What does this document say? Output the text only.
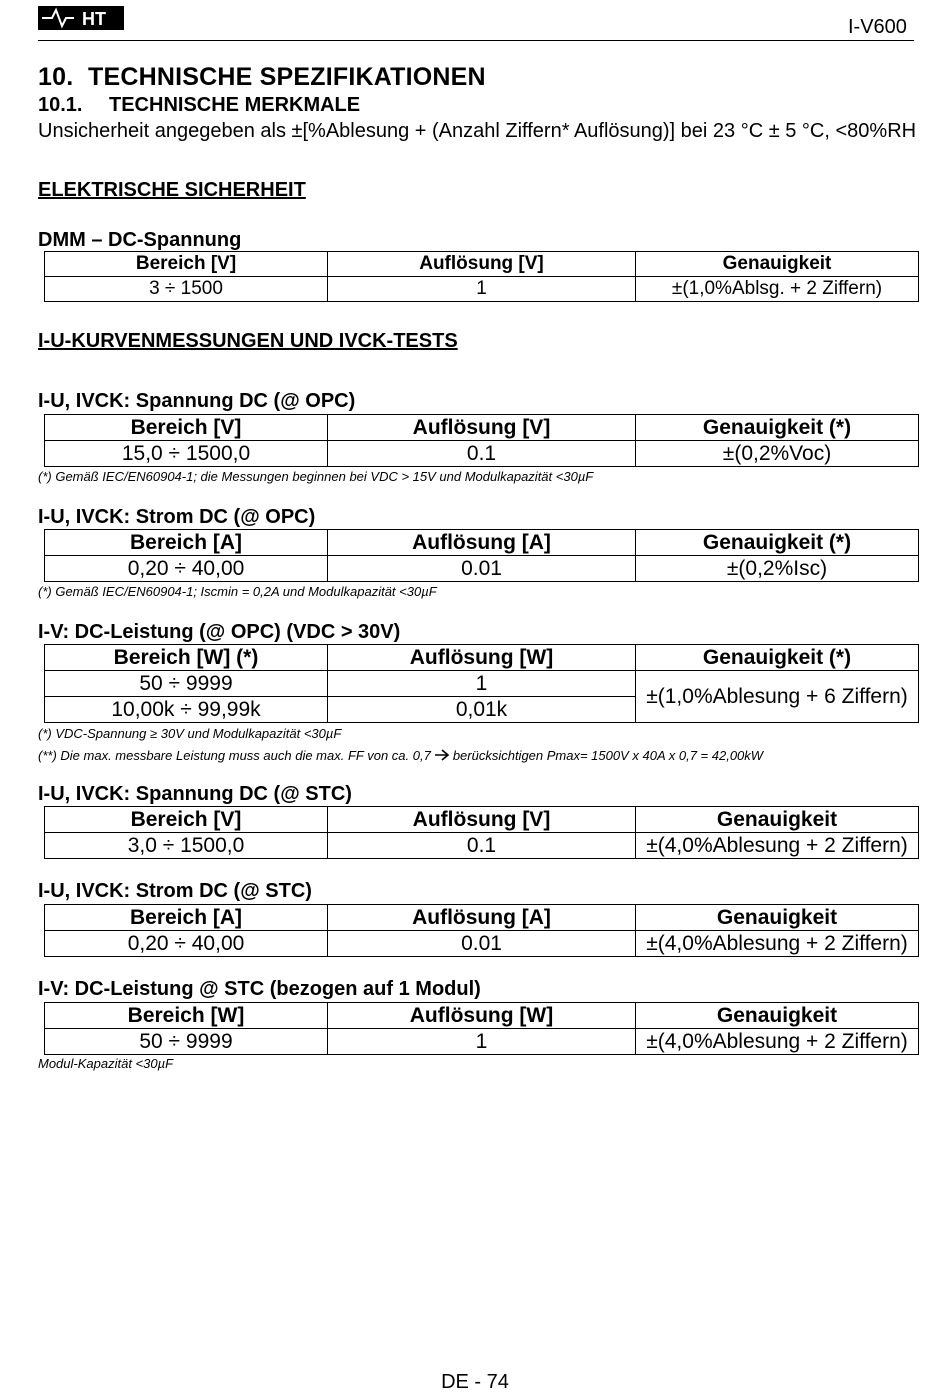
HT	I-V600
10. TECHNISCHE SPEZIFIKATIONEN
10.1. TECHNISCHE MERKMALE
Unsicherheit angegeben als ±[%Ablesung + (Anzahl Ziffern* Auflösung)] bei 23 °C ± 5 °C, <80%RH
ELEKTRISCHE SICHERHEIT
DMM – DC-Spannung
Bereich [V]	Auflösung [V]	Genauigkeit
3 ÷ 1500	1	±(1,0%Ablsg. + 2 Ziffern)
I-U-KURVENMESSUNGEN UND IVCK-TESTS
I-U, IVCK: Spannung DC (@ OPC)
Bereich [V]	Auflösung [V]	Genauigkeit (*)
15,0 ÷ 1500,0	0.1	±(0,2%Voc)
(*) Gemäß IEC/EN60904-1; die Messungen beginnen bei VDC > 15V und Modulkapazität <30µF
I-U, IVCK: Strom DC (@ OPC)
Bereich [A]	Auflösung [A]	Genauigkeit (*)
0,20 ÷ 40,00	0.01	±(0,2%Isc)
(*) Gemäß IEC/EN60904-1; Iscmin = 0,2A und Modulkapazität <30µF
I-V: DC-Leistung (@ OPC) (VDC > 30V)
Bereich [W] (*)	Auflösung [W]	Genauigkeit (*)
50 ÷ 9999	1	±(1,0%Ablesung + 6 Ziffern)
10,00k ÷ 99,99k	0,01k	
(*) VDC-Spannung ≥ 30V und Modulkapazität <30µF
(**) Die max. messbare Leistung muss auch die max. FF von ca. 0,7 berücksichtigen Pmax= 1500V x 40A x 0,7 = 42,00kW
I-U, IVCK: Spannung DC (@ STC)
Bereich [V]	Auflösung [V]	Genauigkeit
3,0 ÷ 1500,0	0.1	±(4,0%Ablesung + 2 Ziffern)
I-U, IVCK: Strom DC (@ STC)
Bereich [A]	Auflösung [A]	Genauigkeit
0,20 ÷ 40,00	0.01	±(4,0%Ablesung + 2 Ziffern)
I-V: DC-Leistung @ STC (bezogen auf 1 Modul)
Bereich [W]	Auflösung [W]	Genauigkeit
50 ÷ 9999	1	±(4,0%Ablesung + 2 Ziffern)
Modul-Kapazität <30µF
DE - 74
